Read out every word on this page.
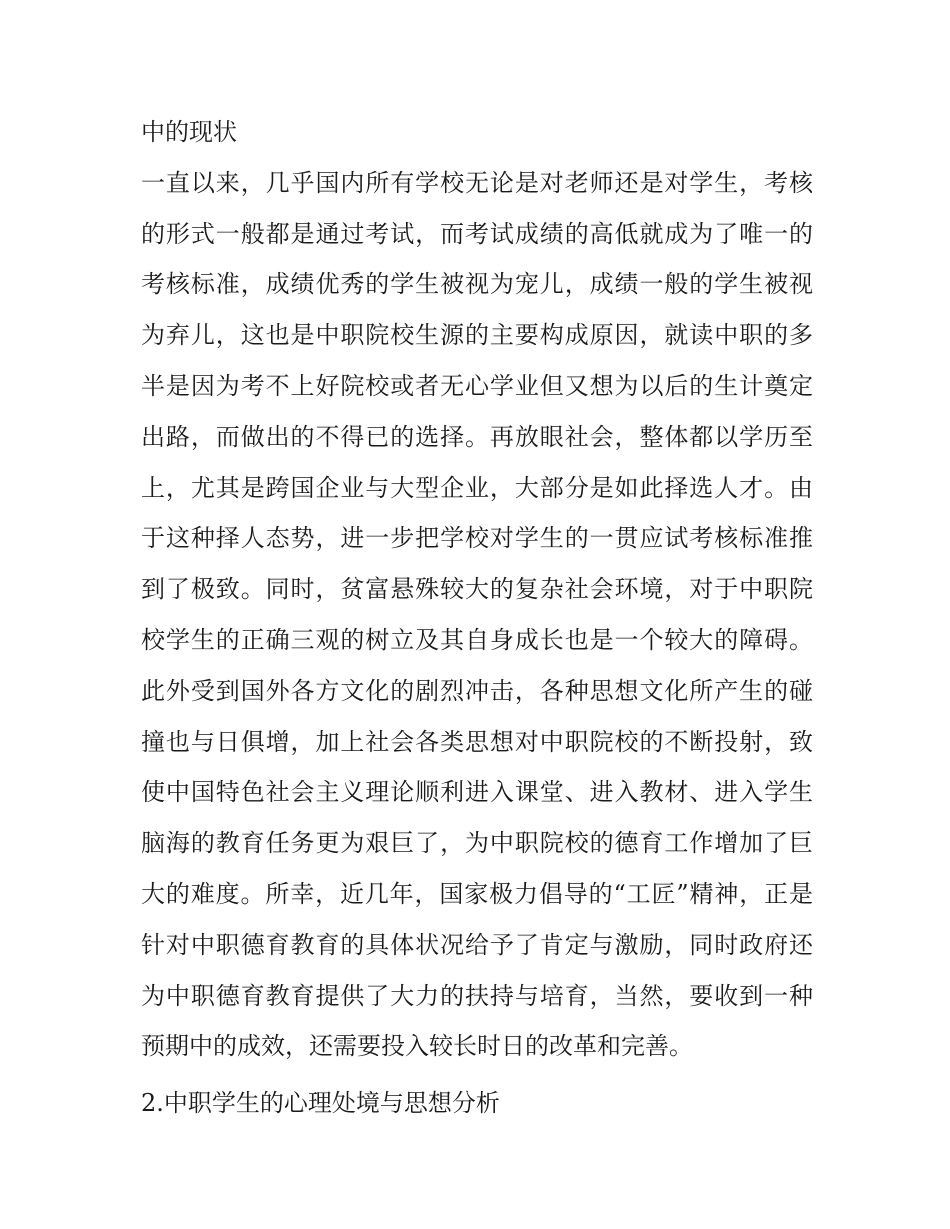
中的现状
一直以来，几乎国内所有学校无论是对老师还是对学生，考核
的形式一般都是通过考试，而考试成绩的高低就成为了唯一的
考核标准，成绩优秀的学生被视为宠儿，成绩一般的学生被视
为弃儿，这也是中职院校生源的主要构成原因，就读中职的多
半是因为考不上好院校或者无心学业但又想为以后的生计奠定
出路，而做出的不得已的选择。再放眼社会，整体都以学历至
上，尤其是跨国企业与大型企业，大部分是如此择选人才。由
于这种择人态势，进一步把学校对学生的一贯应试考核标准推
到了极致。同时，贫富悬殊较大的复杂社会环境，对于中职院
校学生的正确三观的树立及其自身成长也是一个较大的障碍。
此外受到国外各方文化的剧烈冲击，各种思想文化所产生的碰
撞也与日俱增，加上社会各类思想对中职院校的不断投射，致
使中国特色社会主义理论顺利进入课堂、进入教材、进入学生
脑海的教育任务更为艰巨了，为中职院校的德育工作增加了巨
大的难度。所幸，近几年，国家极力倡导的“工匠”精神，正是
针对中职德育教育的具体状况给予了肯定与激励，同时政府还
为中职德育教育提供了大力的扶持与培育，当然，要收到一种
预期中的成效，还需要投入较长时日的改革和完善。
2.中职学生的心理处境与思想分析
